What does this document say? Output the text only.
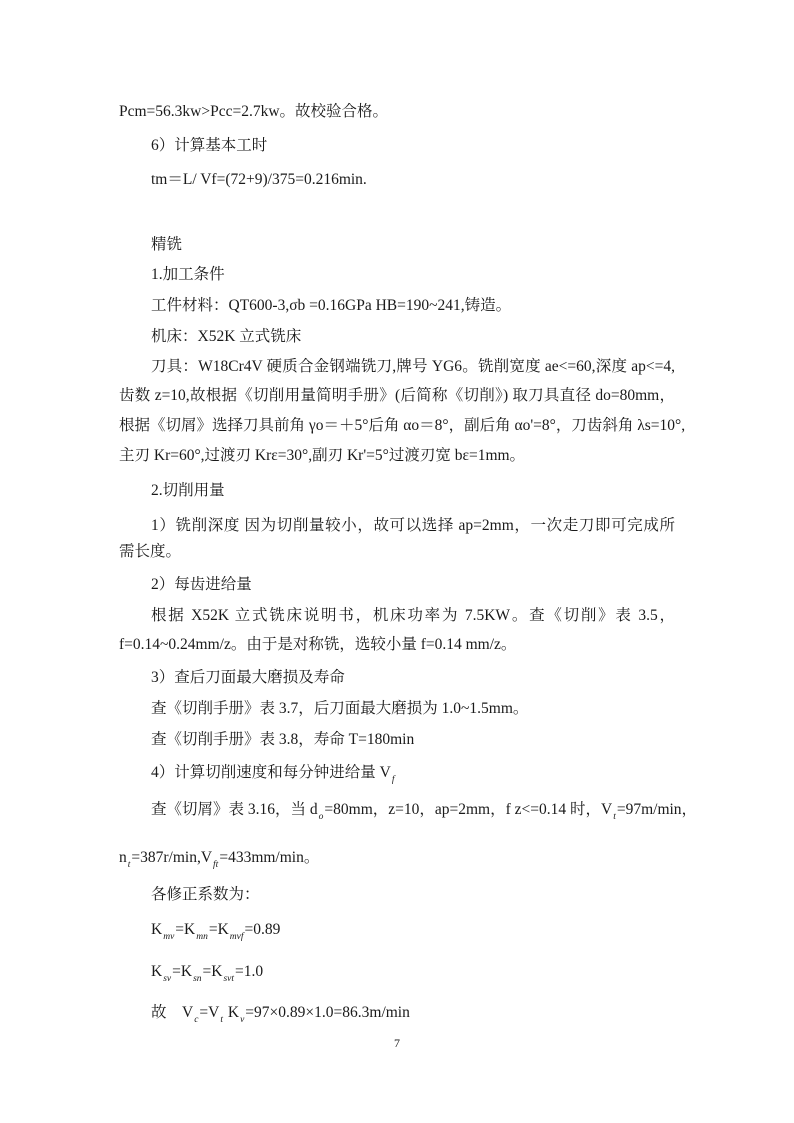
Pcm=56.3kw>Pcc=2.7kw。故校验合格。
6）计算基本工时
tm＝L/ Vf=(72+9)/375=0.216min.
精铣
1.加工条件
工件材料：QT600-3,σb =0.16GPa HB=190~241,铸造。
机床：X52K 立式铣床
刀具：W18Cr4V 硬质合金钢端铣刀,牌号 YG6。铣削宽度 ae<=60,深度 ap<=4,
齿数 z=10,故根据《切削用量简明手册》(后简称《切削》) 取刀具直径 do=80mm，
根据《切屑》选择刀具前角 γo＝＋5°后角 αo＝8°，副后角 αo'=8°，刀齿斜角 λs=10°,
主刃 Kr=60°,过渡刃 Krε=30°,副刃 Kr'=5°过渡刃宽 bε=1mm。
2.切削用量
1）铣削深度 因为切削量较小，故可以选择 ap=2mm，一次走刀即可完成所
需长度。
2）每齿进给量
根据 X52K 立式铣床说明书，机床功率为 7.5KW。查《切削》表 3.5，
f=0.14~0.24mm/z。由于是对称铣，选较小量 f=0.14 mm/z。
3）查后刀面最大磨损及寿命
查《切削手册》表 3.7，后刀面最大磨损为 1.0~1.5mm。
查《切削手册》表 3.8，寿命 T=180min
4）计算切削速度和每分钟进给量 $V_f$
查《切屑》表 3.16，当 $d_o=80mm$，z=10，ap=2mm，f z<=0.14 时，$V_t=97m/\min$，
$n_t=387r/\min,V_{ft}=433mm/\min$。
各修正系数为：
$K_{mv}=K_{mn}=K_{mvf}=0.89$
$K_{sv}=K_{sn}=K_{svt}=1.0$
故    $V_c=V_t$ $K_v=97\times 0.89\times 1.0=86.3m/\min$
7
